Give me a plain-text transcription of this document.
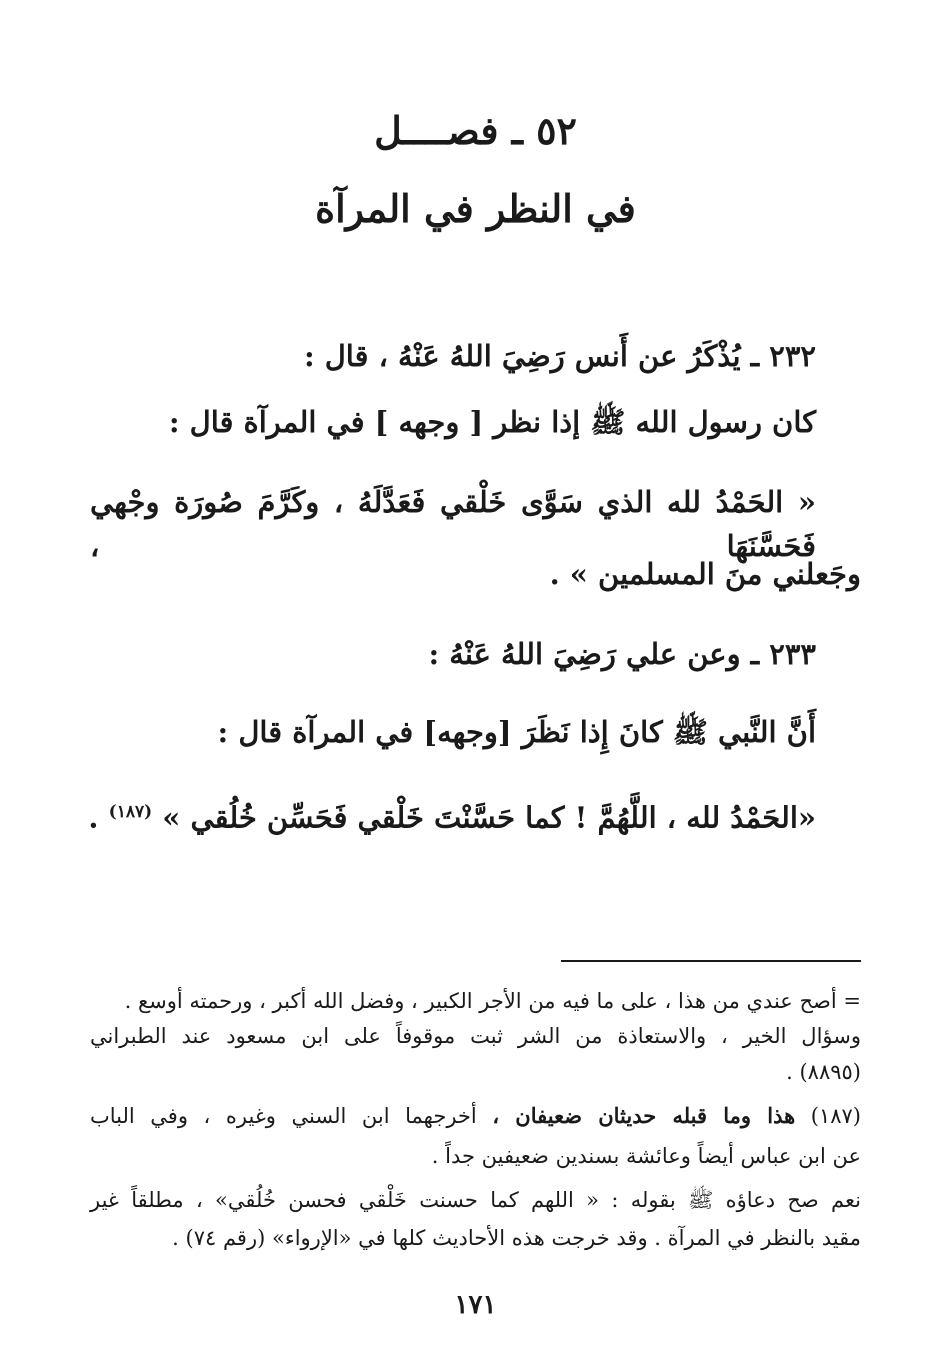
٥٢ ـ فصــــل
في النظر في المرآة
٢٣٢ ـ يُذْكَرُ عن أَنس رَضِيَ اللهُ عَنْهُ ، قال :
كان رسول الله ﷺ إذا نظر [ وجهه ] في المرآة قال :
« الحَمْدُ لله الذي سَوَّى خَلْقي فَعَدَّلَهُ ، وكَرَّمَ صُورَة وجْهي فَحَسَّنَهَا ،
وجَعلني منَ المسلمين » .
٢٣٣ ـ وعن علي رَضِيَ اللهُ عَنْهُ :
أَنَّ النَّبي ﷺ كانَ إِذا نَظَرَ [وجهه] في المرآة قال :
«الحَمْدُ لله ، اللَّهُمَّ ! كما حَسَّنْتَ خَلْقي فَحَسِّن خُلُقي » $^{(١٨٧)}$ .
= أصح عندي من هذا ، على ما فيه من الأجر الكبير ، وفضل الله أكبر ، ورحمته أوسع .
وسؤال الخير ، والاستعاذة من الشر ثبت موقوفاً على ابن مسعود عند الطبراني
(٨٨٩٥) .
(١٨٧) هذا وما قبله حديثان ضعيفان ، أخرجهما ابن السني وغيره ، وفي الباب
عن ابن عباس أيضاً وعائشة بسندين ضعيفين جداً .
نعم صح دعاؤه ﷺ بقوله : « اللهم كما حسنت خَلْقي فحسن خُلُقي» ، مطلقاً غير
مقيد بالنظر في المرآة . وقد خرجت هذه الأحاديث كلها في «الإرواء» (رقم ٧٤) .
١٧١
